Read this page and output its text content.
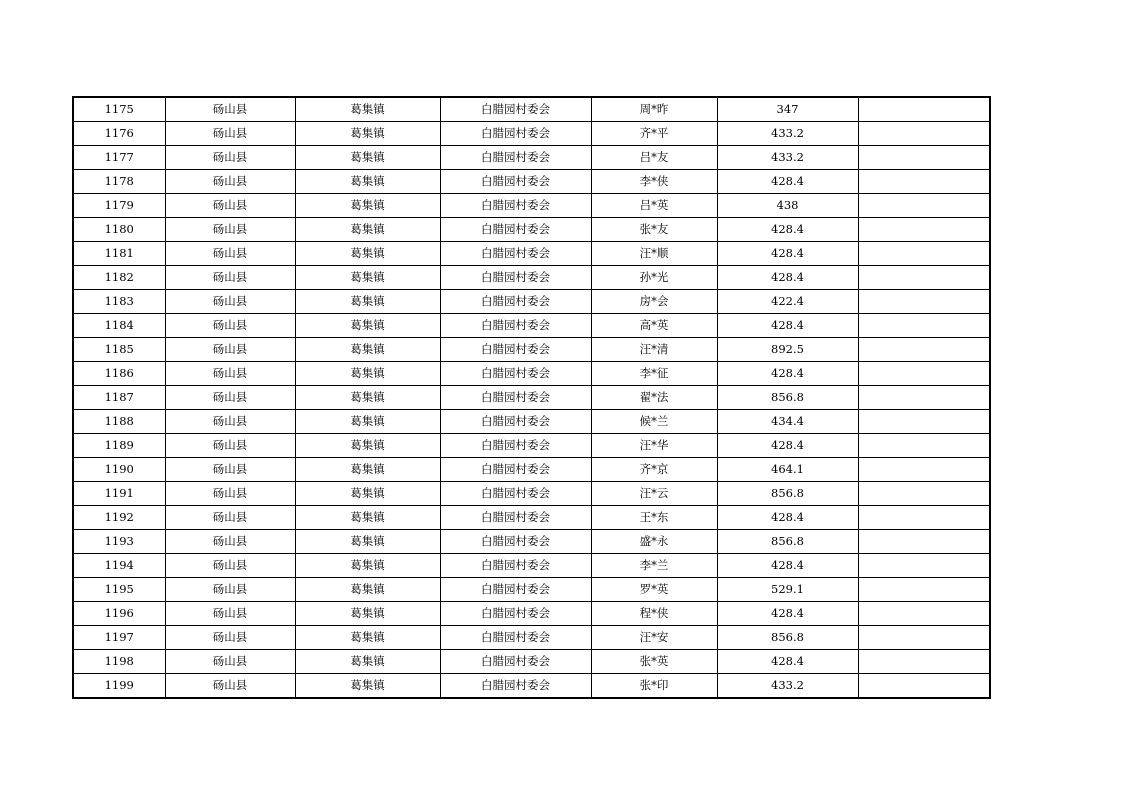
1175	砀山县	葛集镇	白腊园村委会	周*昨	347	
1176	砀山县	葛集镇	白腊园村委会	齐*平	433.2	
1177	砀山县	葛集镇	白腊园村委会	吕*友	433.2	
1178	砀山县	葛集镇	白腊园村委会	李*侠	428.4	
1179	砀山县	葛集镇	白腊园村委会	吕*英	438	
1180	砀山县	葛集镇	白腊园村委会	张*友	428.4	
1181	砀山县	葛集镇	白腊园村委会	汪*顺	428.4	
1182	砀山县	葛集镇	白腊园村委会	孙*光	428.4	
1183	砀山县	葛集镇	白腊园村委会	房*会	422.4	
1184	砀山县	葛集镇	白腊园村委会	高*英	428.4	
1185	砀山县	葛集镇	白腊园村委会	汪*清	892.5	
1186	砀山县	葛集镇	白腊园村委会	李*征	428.4	
1187	砀山县	葛集镇	白腊园村委会	翟*法	856.8	
1188	砀山县	葛集镇	白腊园村委会	候*兰	434.4	
1189	砀山县	葛集镇	白腊园村委会	汪*华	428.4	
1190	砀山县	葛集镇	白腊园村委会	齐*京	464.1	
1191	砀山县	葛集镇	白腊园村委会	汪*云	856.8	
1192	砀山县	葛集镇	白腊园村委会	王*东	428.4	
1193	砀山县	葛集镇	白腊园村委会	盛*永	856.8	
1194	砀山县	葛集镇	白腊园村委会	李*兰	428.4	
1195	砀山县	葛集镇	白腊园村委会	罗*英	529.1	
1196	砀山县	葛集镇	白腊园村委会	程*侠	428.4	
1197	砀山县	葛集镇	白腊园村委会	汪*安	856.8	
1198	砀山县	葛集镇	白腊园村委会	张*英	428.4	
1199	砀山县	葛集镇	白腊园村委会	张*印	433.2	
